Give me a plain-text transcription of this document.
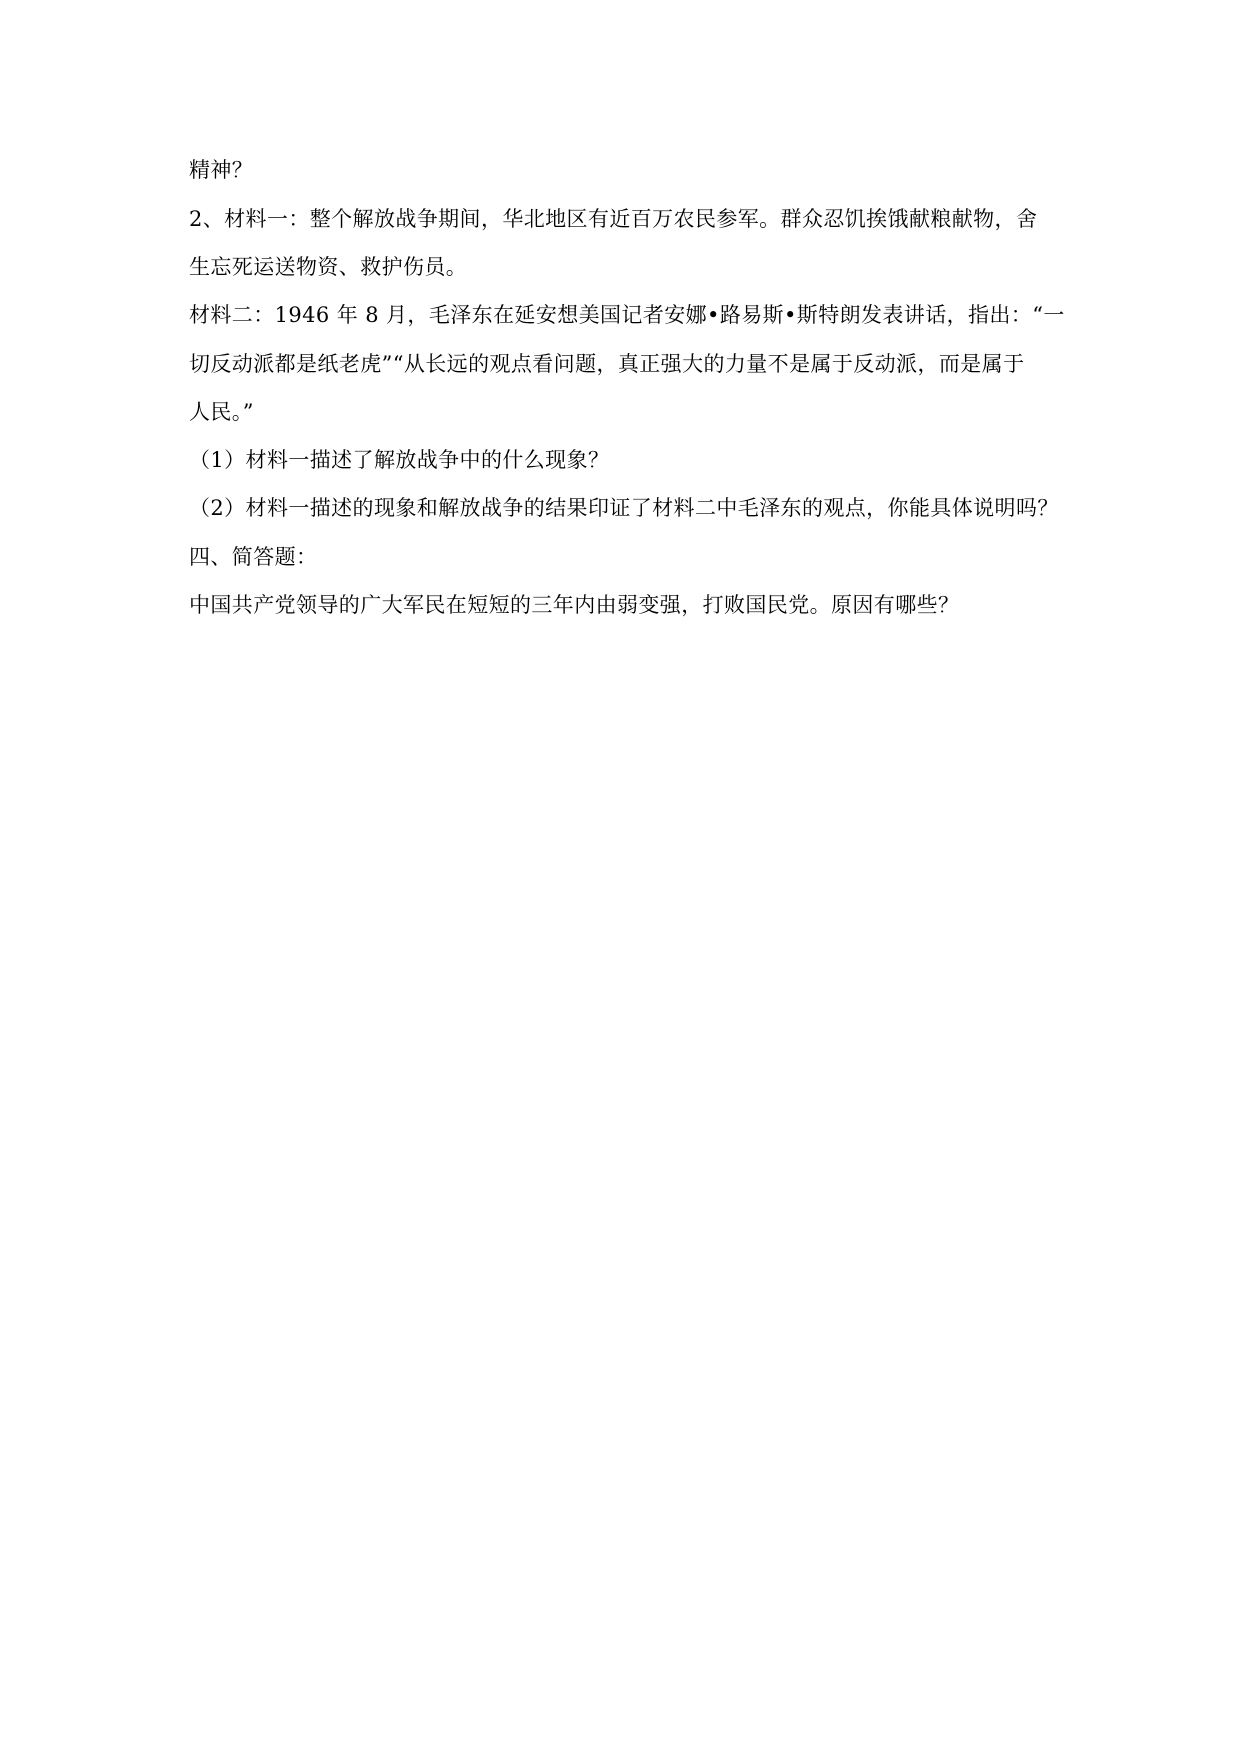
精神？

2、材料一：整个解放战争期间，华北地区有近百万农民参军。群众忍饥挨饿献粮献物，舍

生忘死运送物资、救护伤员。

材料二：1946 年 8 月，毛泽东在延安想美国记者安娜•路易斯•斯特朗发表讲话，指出：“一

切反动派都是纸老虎”“从长远的观点看问题，真正强大的力量不是属于反动派，而是属于

人民。”

（1）材料一描述了解放战争中的什么现象？

（2）材料一描述的现象和解放战争的结果印证了材料二中毛泽东的观点，你能具体说明吗？

四、简答题：

中国共产党领导的广大军民在短短的三年内由弱变强，打败国民党。原因有哪些？
